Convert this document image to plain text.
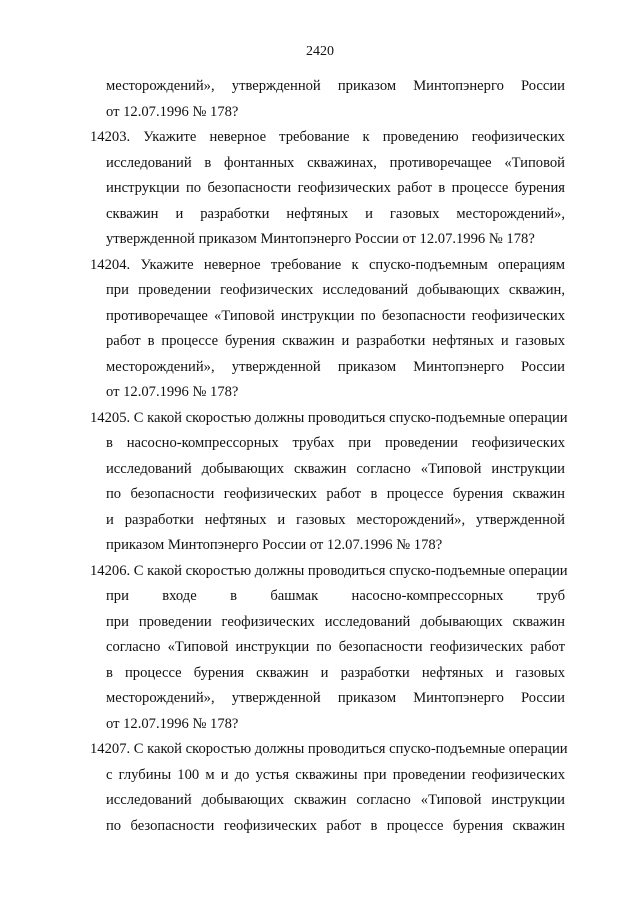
2420
месторождений», утвержденной приказом Минтопэнерго России
от 12.07.1996 № 178?
14203. Укажите неверное требование к проведению геофизических
исследований в фонтанных скважинах, противоречащее «Типовой
инструкции по безопасности геофизических работ в процессе бурения
скважин и разработки нефтяных и газовых месторождений»,
утвержденной приказом Минтопэнерго России от 12.07.1996 № 178?
14204. Укажите неверное требование к спуско-подъемным операциям
при проведении геофизических исследований добывающих скважин,
противоречащее «Типовой инструкции по безопасности геофизических
работ в процессе бурения скважин и разработки нефтяных и газовых
месторождений», утвержденной приказом Минтопэнерго России
от 12.07.1996 № 178?
14205. С какой скоростью должны проводиться спуско-подъемные операции
в насосно-компрессорных трубах при проведении геофизических
исследований добывающих скважин согласно «Типовой инструкции
по безопасности геофизических работ в процессе бурения скважин
и разработки нефтяных и газовых месторождений», утвержденной
приказом Минтопэнерго России от 12.07.1996 № 178?
14206. С какой скоростью должны проводиться спуско-подъемные операции
при входе в башмак насосно-компрессорных труб
при проведении геофизических исследований добывающих скважин
согласно «Типовой инструкции по безопасности геофизических работ
в процессе бурения скважин и разработки нефтяных и газовых
месторождений», утвержденной приказом Минтопэнерго России
от 12.07.1996 № 178?
14207. С какой скоростью должны проводиться спуско-подъемные операции
с глубины 100 м и до устья скважины при проведении геофизических
исследований добывающих скважин согласно «Типовой инструкции
по безопасности геофизических работ в процессе бурения скважин
